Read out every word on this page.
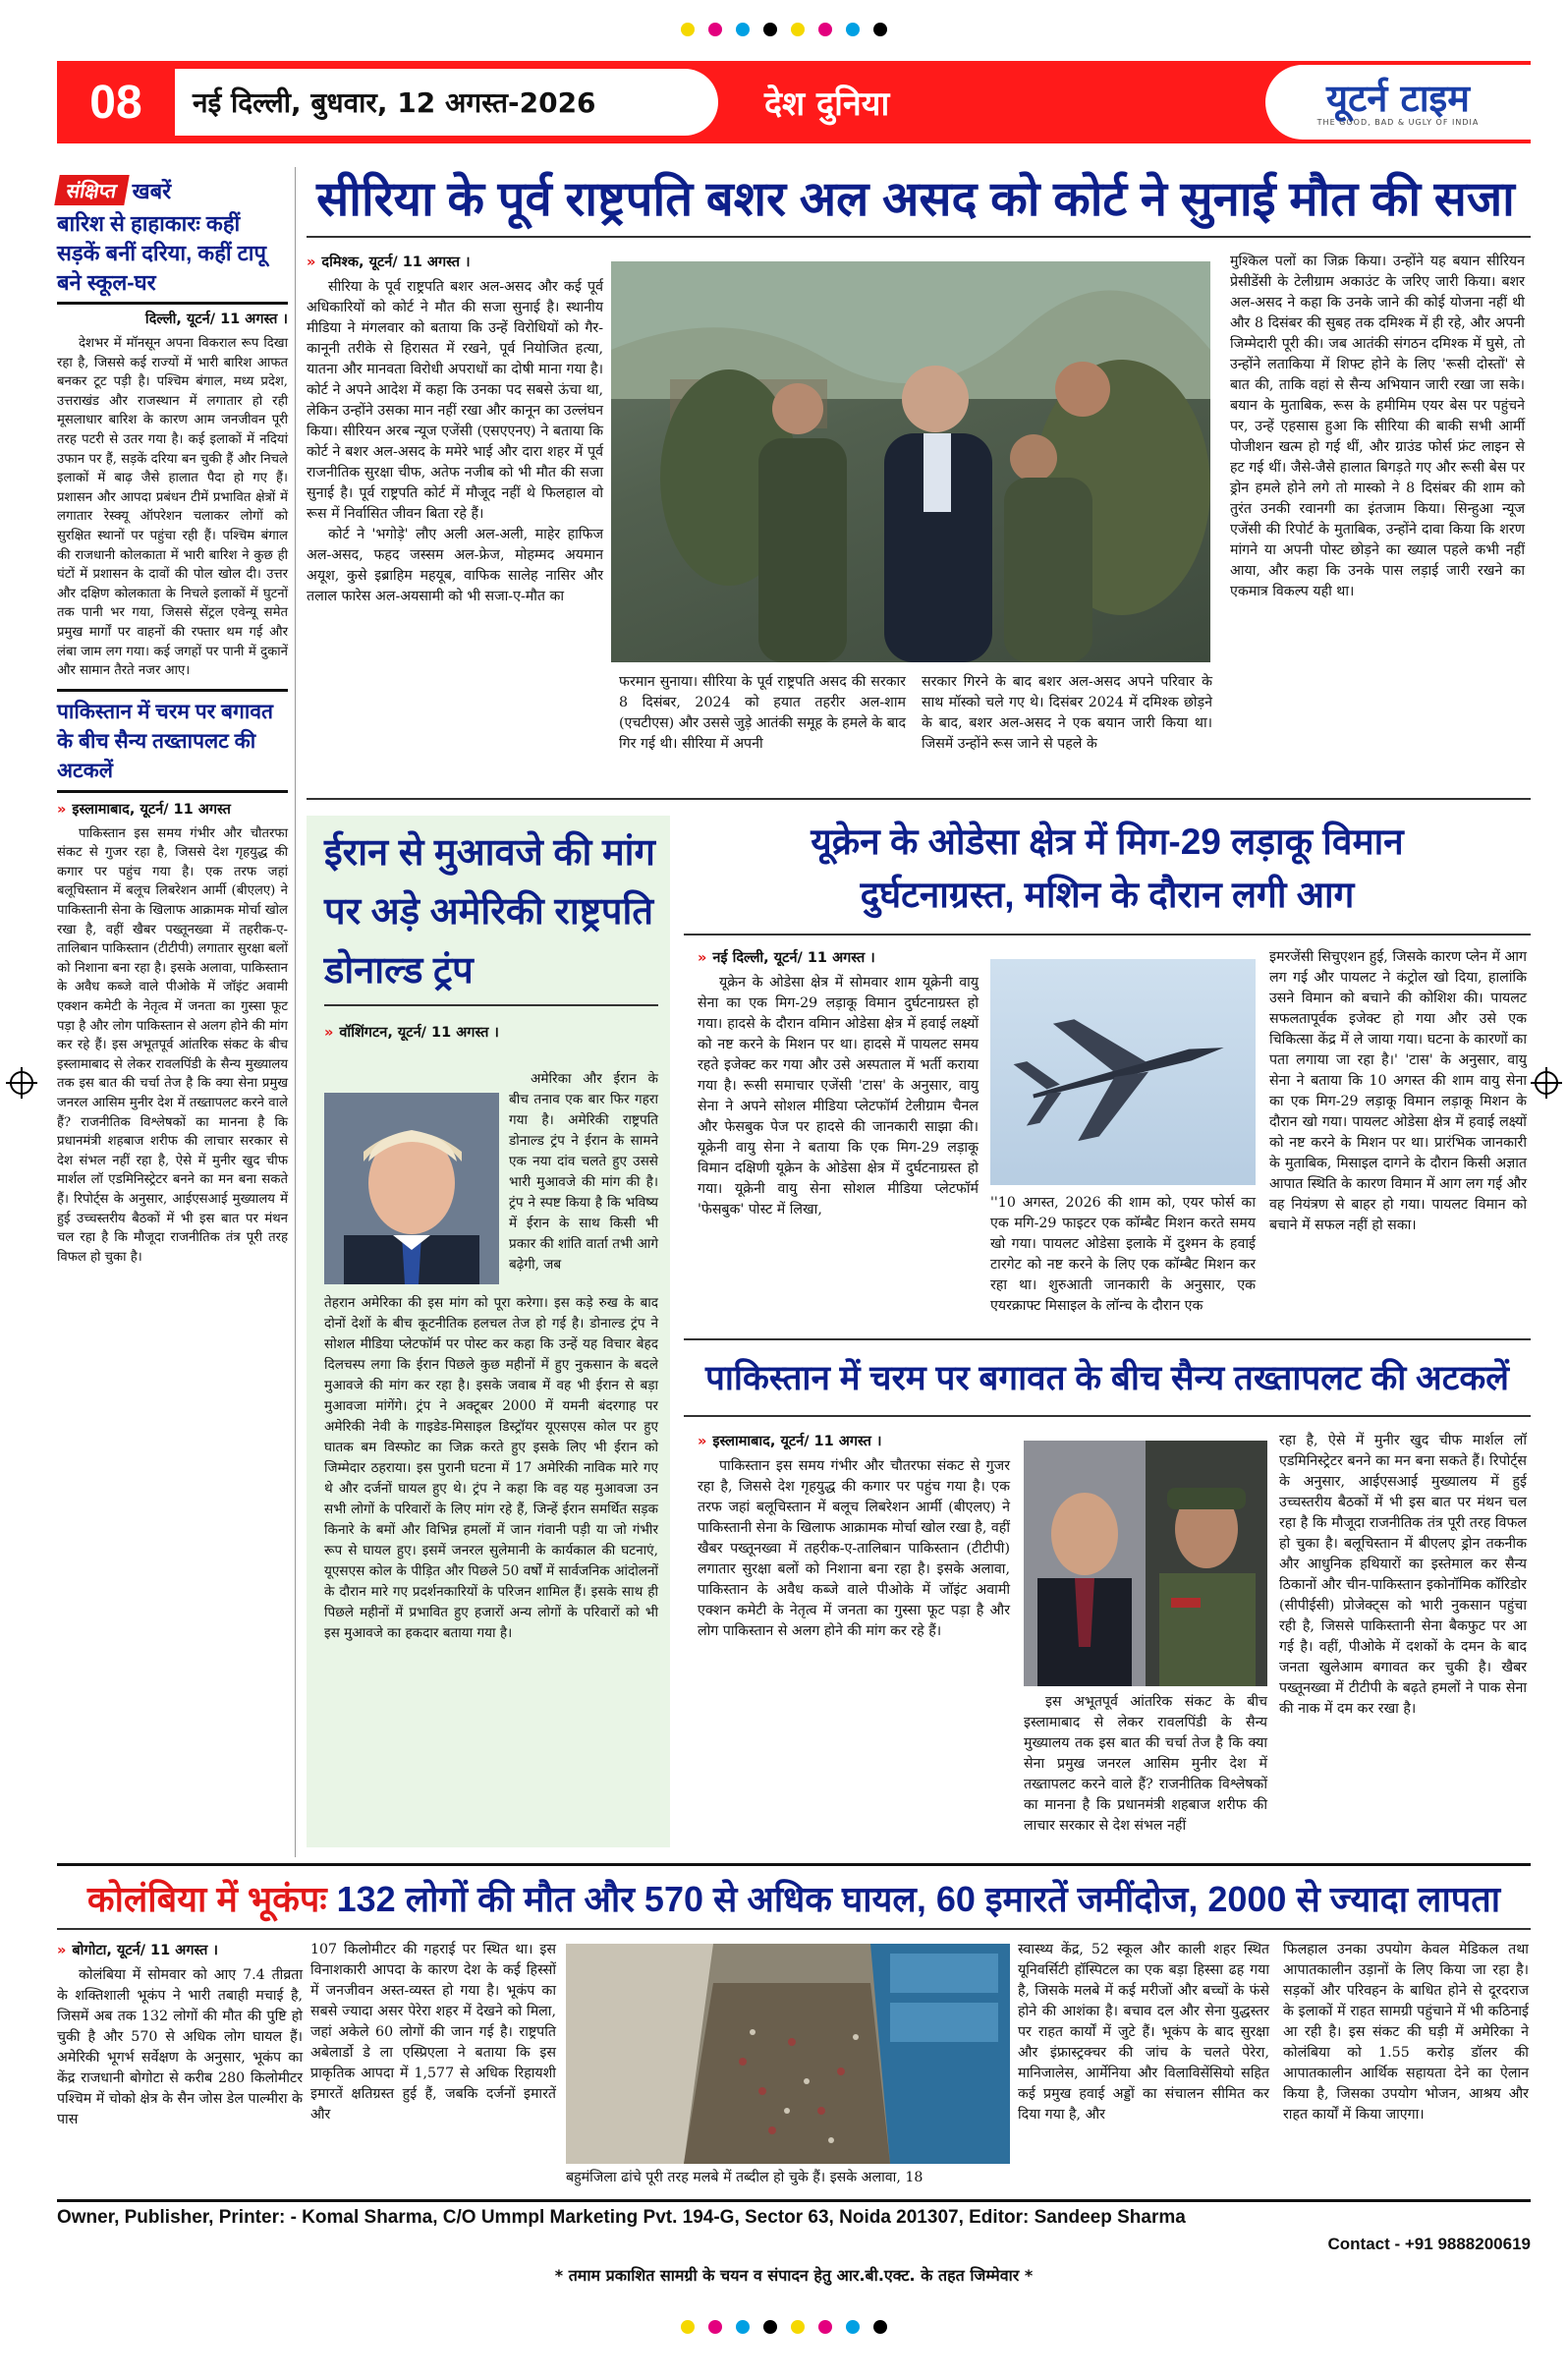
08	नई दिल्ली, बुधवार, 12 अगस्त-2026	देश दुनिया	यूटर्न टाइम
THE GOOD, BAD & UGLY OF INDIA
संक्षिप्त खबरें
बारिश से हाहाकारः कहीं सड़कें बनीं दरिया, कहीं टापू बने स्कूल-घर
दिल्ली, यूटर्न/ 11 अगस्त ।

देशभर में मॉनसून अपना विकराल रूप दिखा रहा है, जिससे कई राज्यों में भारी बारिश आफत बनकर टूट पड़ी है। पश्चिम बंगाल, मध्य प्रदेश, उत्तराखंड और राजस्थान में लगातार हो रही मूसलाधार बारिश के कारण आम जनजीवन पूरी तरह पटरी से उतर गया है। कई इलाकों में नदियां उफान पर हैं, सड़कें दरिया बन चुकी हैं और निचले इलाकों में बाढ़ जैसे हालात पैदा हो गए हैं। प्रशासन और आपदा प्रबंधन टीमें प्रभावित क्षेत्रों में लगातार रेस्क्यू ऑपरेशन चलाकर लोगों को सुरक्षित स्थानों पर पहुंचा रही हैं। पश्चिम बंगाल की राजधानी कोलकाता में भारी बारिश ने कुछ ही घंटों में प्रशासन के दावों की पोल खोल दी। उत्तर और दक्षिण कोलकाता के निचले इलाकों में घुटनों तक पानी भर गया, जिससे सेंट्रल एवेन्यू समेत प्रमुख मार्गों पर वाहनों की रफ्तार थम गई और लंबा जाम लग गया। कई जगहों पर पानी में दुकानें और सामान तैरते नजर आए।

पाकिस्तान में चरम पर बगावत के बीच सैन्य तख्तापलट की अटकलें
» इस्लामाबाद, यूटर्न/ 11 अगस्त

पाकिस्तान इस समय गंभीर और चौतरफा संकट से गुजर रहा है, जिससे देश गृहयुद्ध की कगार पर पहुंच गया है। एक तरफ जहां बलूचिस्तान में बलूच लिबरेशन आर्मी (बीएलए) ने पाकिस्तानी सेना के खिलाफ आक्रामक मोर्चा खोल रखा है, वहीं खैबर पख्तूनख्वा में तहरीक-ए-तालिबान पाकिस्तान (टीटीपी) लगातार सुरक्षा बलों को निशाना बना रहा है। इसके अलावा, पाकिस्तान के अवैध कब्जे वाले पीओके में जॉइंट अवामी एक्शन कमेटी के नेतृत्व में जनता का गुस्सा फूट पड़ा है और लोग पाकिस्तान से अलग होने की मांग कर रहे हैं। इस अभूतपूर्व आंतरिक संकट के बीच इस्लामाबाद से लेकर रावलपिंडी के सैन्य मुख्यालय तक इस बात की चर्चा तेज है कि क्या सेना प्रमुख जनरल आसिम मुनीर देश में तख्तापलट करने वाले हैं? राजनीतिक विश्लेषकों का मानना है कि प्रधानमंत्री शहबाज शरीफ की लाचार सरकार से देश संभल नहीं रहा है, ऐसे में मुनीर खुद चीफ मार्शल लॉ एडमिनिस्ट्रेटर बनने का मन बना सकते हैं। रिपोर्ट्स के अनुसार, आईएसआई मुख्यालय में हुई उच्चस्तरीय बैठकों में भी इस बात पर मंथन चल रहा है कि मौजूदा राजनीतिक तंत्र पूरी तरह विफल हो चुका है।

सीरिया के पूर्व राष्ट्रपति बशर अल असद को कोर्ट ने सुनाई मौत की सजा
» दमिश्क, यूटर्न/ 11 अगस्त ।

सीरिया के पूर्व राष्ट्रपति बशर अल-असद और कई पूर्व अधिकारियों को कोर्ट ने मौत की सजा सुनाई है। स्थानीय मीडिया ने मंगलवार को बताया कि उन्हें विरोधियों को गैर-कानूनी तरीके से हिरासत में रखने, पूर्व नियोजित हत्या, यातना और मानवता विरोधी अपराधों का दोषी माना गया है। कोर्ट ने अपने आदेश में कहा कि उनका पद सबसे ऊंचा था, लेकिन उन्होंने उसका मान नहीं रखा और कानून का उल्लंघन किया। सीरियन अरब न्यूज एजेंसी (एसएएनए) ने बताया कि कोर्ट ने बशर अल-असद के ममेरे भाई और दारा शहर में पूर्व राजनीतिक सुरक्षा चीफ, अतेफ नजीब को भी मौत की सजा सुनाई है। पूर्व राष्ट्रपति कोर्ट में मौजूद नहीं थे फिलहाल वो रूस में निर्वासित जीवन बिता रहे हैं।

कोर्ट ने 'भगोड़े' लौए अली अल-अली, माहेर हाफिज अल-असद, फहद जस्सम अल-फ्रेज, मोहम्मद अयमान अयूश, कुसे इब्राहिम महयूब, वाफिक सालेह नासिर और तलाल फारेस अल-अयसामी को भी सजा-ए-मौत का

फरमान सुनाया। सीरिया के पूर्व राष्ट्रपति असद की सरकार 8 दिसंबर, 2024 को हयात तहरीर अल-शाम (एचटीएस) और उससे जुड़े आतंकी समूह के हमले के बाद गिर गई थी। सीरिया में अपनी

सरकार गिरने के बाद बशर अल-असद अपने परिवार के साथ मॉस्को चले गए थे। दिसंबर 2024 में दमिश्क छोड़ने के बाद, बशर अल-असद ने एक बयान जारी किया था। जिसमें उन्होंने रूस जाने से पहले के

मुश्किल पलों का जिक्र किया। उन्होंने यह बयान सीरियन प्रेसीडेंसी के टेलीग्राम अकाउंट के जरिए जारी किया। बशर अल-असद ने कहा कि उनके जाने की कोई योजना नहीं थी और 8 दिसंबर की सुबह तक दमिश्क में ही रहे, और अपनी जिम्मेदारी पूरी की। जब आतंकी संगठन दमिश्क में घुसे, तो उन्होंने लताकिया में शिफ्ट होने के लिए 'रूसी दोस्तों' से बात की, ताकि वहां से सैन्य अभियान जारी रखा जा सके। बयान के मुताबिक, रूस के हमीमिम एयर बेस पर पहुंचने पर, उन्हें एहसास हुआ कि सीरिया की बाकी सभी आर्मी पोजीशन खत्म हो गई थीं, और ग्राउंड फोर्स फ्रंट लाइन से हट गई थीं। जैसे-जैसे हालात बिगड़ते गए और रूसी बेस पर ड्रोन हमले होने लगे तो मास्को ने 8 दिसंबर की शाम को तुरंत उनकी रवानगी का इंतजाम किया। सिन्हुआ न्यूज एजेंसी की रिपोर्ट के मुताबिक, उन्होंने दावा किया कि शरण मांगने या अपनी पोस्ट छोड़ने का ख्याल पहले कभी नहीं आया, और कहा कि उनके पास लड़ाई जारी रखने का एकमात्र विकल्प यही था।

ईरान से मुआवजे की मांग पर अड़े अमेरिकी राष्ट्रपति डोनाल्ड ट्रंप
» वॉशिंगटन, यूटर्न/ 11 अगस्त ।

अमेरिका और ईरान के बीच तनाव एक बार फिर गहरा गया है। अमेरिकी राष्ट्रपति डोनाल्ड ट्रंप ने ईरान के सामने एक नया दांव चलते हुए उससे भारी मुआवजे की मांग की है। ट्रंप ने स्पष्ट किया है कि भविष्य में ईरान के साथ किसी भी प्रकार की शांति वार्ता तभी आगे बढ़ेगी, जब

तेहरान अमेरिका की इस मांग को पूरा करेगा। इस कड़े रुख के बाद दोनों देशों के बीच कूटनीतिक हलचल तेज हो गई है। डोनाल्ड ट्रंप ने सोशल मीडिया प्लेटफॉर्म पर पोस्ट कर कहा कि उन्हें यह विचार बेहद दिलचस्प लगा कि ईरान पिछले कुछ महीनों में हुए नुकसान के बदले मुआवजे की मांग कर रहा है। इसके जवाब में वह भी ईरान से बड़ा मुआवजा मांगेंगे। ट्रंप ने अक्टूबर 2000 में यमनी बंदरगाह पर अमेरिकी नेवी के गाइडेड-मिसाइल डिस्ट्रॉयर यूएसएस कोल पर हुए घातक बम विस्फोट का जिक्र करते हुए इसके लिए भी ईरान को जिम्मेदार ठहराया। इस पुरानी घटना में 17 अमेरिकी नाविक मारे गए थे और दर्जनों घायल हुए थे। ट्रंप ने कहा कि वह यह मुआवजा उन सभी लोगों के परिवारों के लिए मांग रहे हैं, जिन्हें ईरान समर्थित सड़क किनारे के बमों और विभिन्न हमलों में जान गंवानी पड़ी या जो गंभीर रूप से घायल हुए। इसमें जनरल सुलेमानी के कार्यकाल की घटनाएं, यूएसएस कोल के पीड़ित और पिछले 50 वर्षों में सार्वजनिक आंदोलनों के दौरान मारे गए प्रदर्शनकारियों के परिजन शामिल हैं। इसके साथ ही पिछले महीनों में प्रभावित हुए हजारों अन्य लोगों के परिवारों को भी इस मुआवजे का हकदार बताया गया है।

यूक्रेन के ओडेसा क्षेत्र में मिग-29 लड़ाकू विमान
दुर्घटनाग्रस्त, मशिन के दौरान लगी आग
» नई दिल्ली, यूटर्न/ 11 अगस्त ।

यूक्रेन के ओडेसा क्षेत्र में सोमवार शाम यूक्रेनी वायु सेना का एक मिग-29 लड़ाकू विमान दुर्घटनाग्रस्त हो गया। हादसे के दौरान वमिान ओडेसा क्षेत्र में हवाई लक्ष्यों को नष्ट करने के मिशन पर था। हादसे में पायलट समय रहते इजेक्ट कर गया और उसे अस्पताल में भर्ती कराया गया है। रूसी समाचार एजेंसी 'टास' के अनुसार, वायु सेना ने अपने सोशल मीडिया प्लेटफॉर्म टेलीग्राम चैनल और फेसबुक पेज पर हादसे की जानकारी साझा की। यूक्रेनी वायु सेना ने बताया कि एक मिग-29 लड़ाकू विमान दक्षिणी यूक्रेन के ओडेसा क्षेत्र में दुर्घटनाग्रस्त हो गया। यूक्रेनी वायु सेना सोशल मीडिया प्लेटफॉर्म 'फेसबुक' पोस्ट में लिखा,	''10 अगस्त, 2026 की शाम को, एयर फोर्स का एक मगि-29 फाइटर एक कॉम्बैट मिशन करते समय खो गया। पायलट ओडेसा इलाके में दुश्मन के हवाई टारगेट को नष्ट करने के लिए एक कॉम्बैट मिशन कर रहा था। शुरुआती जानकारी के अनुसार, एक एयरक्राफ्ट मिसाइल के लॉन्च के दौरान एक

इमरजेंसी सिचुएशन हुई, जिसके कारण प्लेन में आग लग गई और पायलट ने कंट्रोल खो दिया, हालांकि उसने विमान को बचाने की कोशिश की। पायलट सफलतापूर्वक इजेक्ट हो गया और उसे एक चिकित्सा केंद्र में ले जाया गया। घटना के कारणों का पता लगाया जा रहा है।' 'टास' के अनुसार, वायु सेना ने बताया कि 10 अगस्त की शाम वायु सेना का एक मिग-29 लड़ाकू विमान लड़ाकू मिशन के दौरान खो गया। पायलट ओडेसा क्षेत्र में हवाई लक्ष्यों को नष्ट करने के मिशन पर था। प्रारंभिक जानकारी के मुताबिक, मिसाइल दागने के दौरान किसी अज्ञात आपात स्थिति के कारण विमान में आग लग गई और वह नियंत्रण से बाहर हो गया। पायलट विमान को बचाने में सफल नहीं हो सका।

पाकिस्तान में चरम पर बगावत के बीच सैन्य तख्तापलट की अटकलें
» इस्लामाबाद, यूटर्न/ 11 अगस्त ।

पाकिस्तान इस समय गंभीर और चौतरफा संकट से गुजर रहा है, जिससे देश गृहयुद्ध की कगार पर पहुंच गया है। एक तरफ जहां बलूचिस्तान में बलूच लिबरेशन आर्मी (बीएलए) ने पाकिस्तानी सेना के खिलाफ आक्रामक मोर्चा खोल रखा है, वहीं खैबर पख्तूनख्वा में तहरीक-ए-तालिबान पाकिस्तान (टीटीपी) लगातार सुरक्षा बलों को निशाना बना रहा है। इसके अलावा, पाकिस्तान के अवैध कब्जे वाले पीओके में जॉइंट अवामी एक्शन कमेटी के नेतृत्व में जनता का गुस्सा फूट पड़ा है और लोग पाकिस्तान से अलग होने की मांग कर रहे हैं।

इस अभूतपूर्व आंतरिक संकट के बीच इस्लामाबाद से लेकर रावलपिंडी के सैन्य मुख्यालय तक इस बात की चर्चा तेज है कि क्या सेना प्रमुख जनरल आसिम मुनीर देश में तख्तापलट करने वाले हैं? राजनीतिक विश्लेषकों का मानना है कि प्रधानमंत्री शहबाज शरीफ की लाचार सरकार से देश संभल नहीं

रहा है, ऐसे में मुनीर खुद चीफ मार्शल लॉ एडमिनिस्ट्रेटर बनने का मन बना सकते हैं। रिपोर्ट्स के अनुसार, आईएसआई मुख्यालय में हुई उच्चस्तरीय बैठकों में भी इस बात पर मंथन चल रहा है कि मौजूदा राजनीतिक तंत्र पूरी तरह विफल हो चुका है। बलूचिस्तान में बीएलए ड्रोन तकनीक और आधुनिक हथियारों का इस्तेमाल कर सैन्य ठिकानों और चीन-पाकिस्तान इकोनॉमिक कॉरिडोर (सीपीईसी) प्रोजेक्ट्स को भारी नुकसान पहुंचा रही है, जिससे पाकिस्तानी सेना बैकफुट पर आ गई है। वहीं, पीओके में दशकों के दमन के बाद जनता खुलेआम बगावत कर चुकी है। खैबर पख्तूनख्वा में टीटीपी के बढ़ते हमलों ने पाक सेना की नाक में दम कर रखा है।

कोलंबिया में भूकंपः 132 लोगों की मौत और 570 से अधिक घायल, 60 इमारतें जमींदोज, 2000 से ज्यादा लापता
» बोगोटा, यूटर्न/ 11 अगस्त ।

कोलंबिया में सोमवार को आए 7.4 तीव्रता के शक्तिशाली भूकंप ने भारी तबाही मचाई है, जिसमें अब तक 132 लोगों की मौत की पुष्टि हो चुकी है और 570 से अधिक लोग घायल हैं। अमेरिकी भूगर्भ सर्वेक्षण के अनुसार, भूकंप का केंद्र राजधानी बोगोटा से करीब 280 किलोमीटर पश्चिम में चोको क्षेत्र के सैन जोस डेल पाल्मीरा के पास

107 किलोमीटर की गहराई पर स्थित था। इस विनाशकारी आपदा के कारण देश के कई हिस्सों में जनजीवन अस्त-व्यस्त हो गया है। भूकंप का सबसे ज्यादा असर पेरेरा शहर में देखने को मिला, जहां अकेले 60 लोगों की जान गई है। राष्ट्रपति अबेलार्डो डे ला एस्प्रिएला ने बताया कि इस प्राकृतिक आपदा में 1,577 से अधिक रिहायशी इमारतें क्षतिग्रस्त हुई हैं, जबकि दर्जनों इमारतें और

बहुमंजिला ढांचे पूरी तरह मलबे में तब्दील हो चुके हैं। इसके अलावा, 18

स्वास्थ्य केंद्र, 52 स्कूल और काली शहर स्थित यूनिवर्सिटी हॉस्पिटल का एक बड़ा हिस्सा ढह गया है, जिसके मलबे में कई मरीजों और बच्चों के फंसे होने की आशंका है। बचाव दल और सेना युद्धस्तर पर राहत कार्यों में जुटे हैं। भूकंप के बाद सुरक्षा और इंफ्रास्ट्रक्चर की जांच के चलते पेरेरा, मानिजालेस, आर्मेनिया और विलाविसेंसियो सहित कई प्रमुख हवाई अड्डों का संचालन सीमित कर दिया गया है, और

फिलहाल उनका उपयोग केवल मेडिकल तथा आपातकालीन उड़ानों के लिए किया जा रहा है। सड़कों और परिवहन के बाधित होने से दूरदराज के इलाकों में राहत सामग्री पहुंचाने में भी कठिनाई आ रही है। इस संकट की घड़ी में अमेरिका ने कोलंबिया को 1.55 करोड़ डॉलर की आपातकालीन आर्थिक सहायता देने का ऐलान किया है, जिसका उपयोग भोजन, आश्रय और राहत कार्यों में किया जाएगा।

Owner, Publisher, Printer: - Komal Sharma, C/O Ummpl Marketing Pvt. 194-G, Sector 63, Noida 201307, Editor: Sandeep Sharma
Contact - +91 9888200619
* तमाम प्रकाशित सामग्री के चयन व संपादन हेतु आर.बी.एक्ट. के तहत जिम्मेवार *
